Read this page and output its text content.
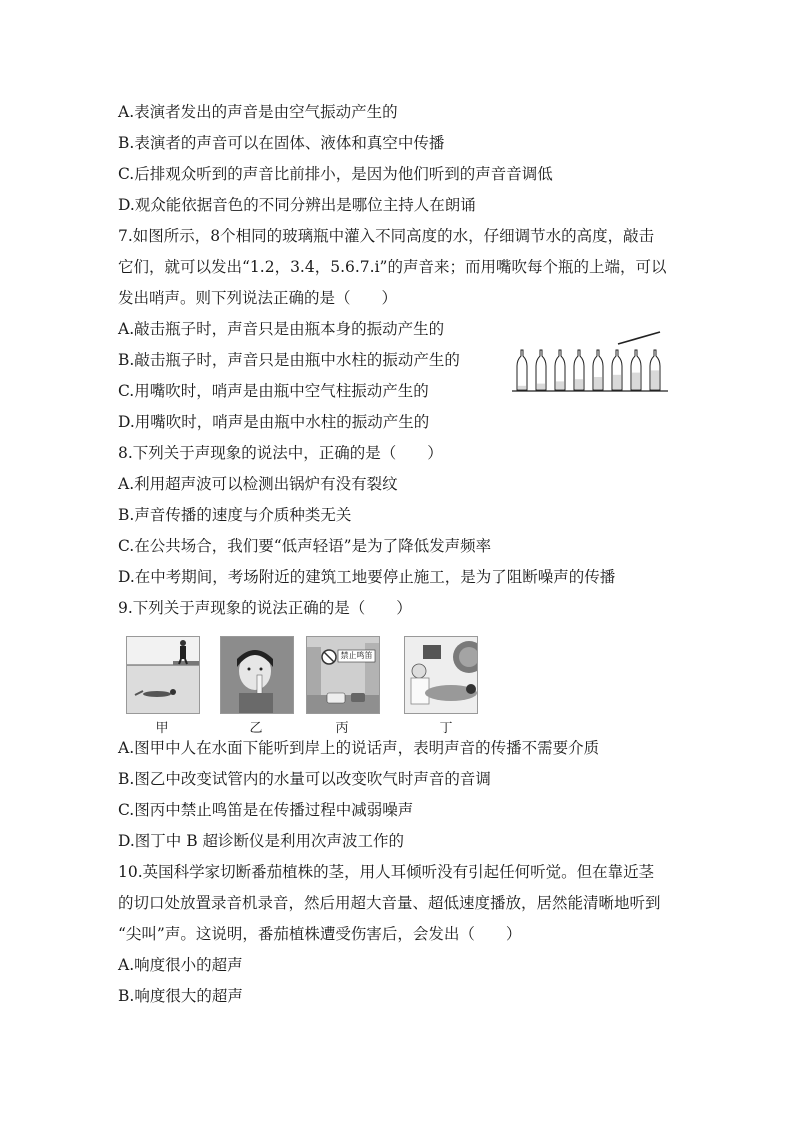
A.表演者发出的声音是由空气振动产生的
B.表演者的声音可以在固体、液体和真空中传播
C.后排观众听到的声音比前排小，是因为他们听到的声音音调低
D.观众能依据音色的不同分辨出是哪位主持人在朗诵
7.如图所示，8个相同的玻璃瓶中灌入不同高度的水，仔细调节水的高度，敲击
它们，就可以发出“1.2，3.4，5.6.7.i”的声音来；而用嘴吹每个瓶的上端，可以
发出哨声。则下列说法正确的是（　　）
A.敲击瓶子时，声音只是由瓶本身的振动产生的
B.敲击瓶子时，声音只是由瓶中水柱的振动产生的
C.用嘴吹时，哨声是由瓶中空气柱振动产生的
D.用嘴吹时，哨声是由瓶中水柱的振动产生的
8.下列关于声现象的说法中，正确的是（　　）
A.利用超声波可以检测出锅炉有没有裂纹
B.声音传播的速度与介质种类无关
C.在公共场合，我们要“低声轻语”是为了降低发声频率
D.在中考期间，考场附近的建筑工地要停止施工，是为了阻断噪声的传播
9.下列关于声现象的说法正确的是（　　）
甲	乙
禁止鸣笛
丙	丁
A.图甲中人在水面下能听到岸上的说话声，表明声音的传播不需要介质
B.图乙中改变试管内的水量可以改变吹气时声音的音调
C.图丙中禁止鸣笛是在传播过程中减弱噪声
D.图丁中 B 超诊断仪是利用次声波工作的
10.英国科学家切断番茄植株的茎，用人耳倾听没有引起任何听觉。但在靠近茎
的切口处放置录音机录音，然后用超大音量、超低速度播放，居然能清晰地听到
“尖叫”声。这说明，番茄植株遭受伤害后，会发出（　　）
A.响度很小的超声
B.响度很大的超声
